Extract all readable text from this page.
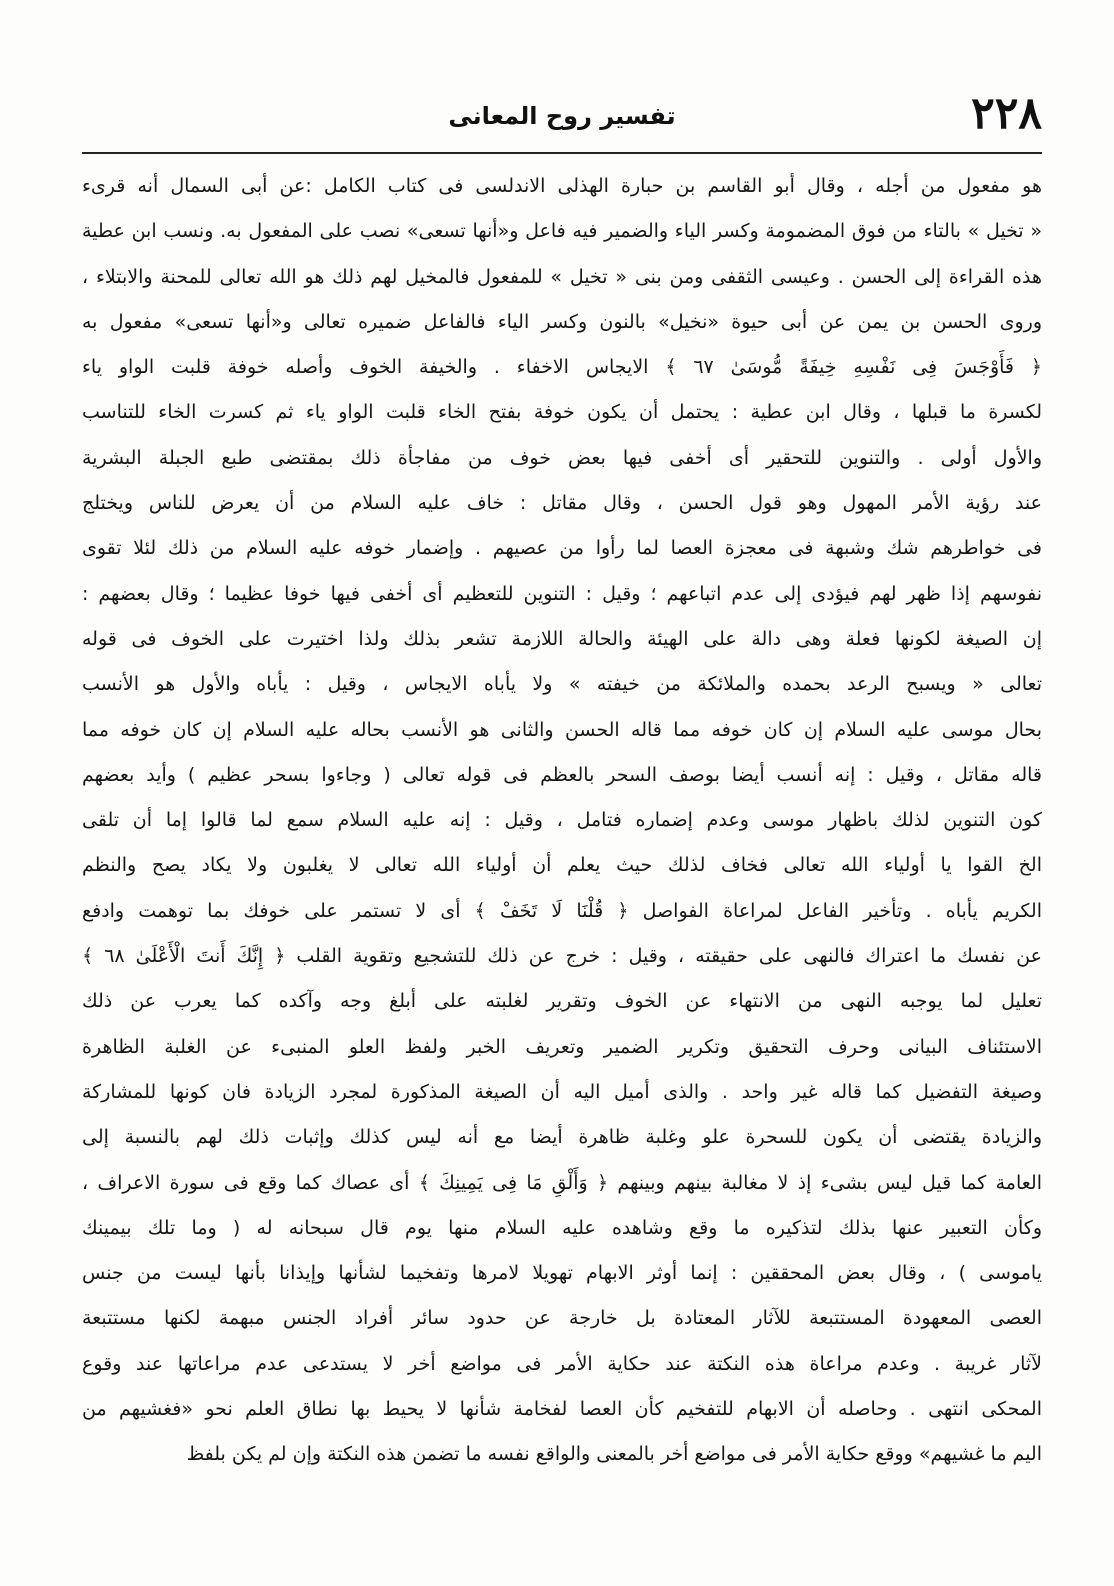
٢٢٨
تفسير روح المعانى
هو مفعول من أجله ، وقال أبو القاسم بن حبارة الهذلى الاندلسى فى كتاب الكامل :عن أبى السمال أنه قرىء
« تخيل » بالتاء من فوق المضمومة وكسر الياء والضمير فيه فاعل و«أنها تسعى» نصب على المفعول به. ونسب ابن عطية
هذه القراءة إلى الحسن . وعيسى الثقفى ومن بنى « تخيل » للمفعول فالمخيل لهم ذلك هو الله تعالى للمحنة والابتلاء ،
وروى الحسن بن يمن عن أبى حيوة «نخيل» بالنون وكسر الياء فالفاعل ضميره تعالى و«أنها تسعى» مفعول به
﴿ فَأَوْجَسَ فِى نَفْسِهِ خِيفَةً مُّوسَىٰ ٦٧ ﴾ الايجاس الاخفاء . والخيفة الخوف وأصله خوفة قلبت الواو ياء
لكسرة ما قبلها ، وقال ابن عطية : يحتمل أن يكون خوفة بفتح الخاء قلبت الواو ياء ثم كسرت الخاء للتناسب
والأول أولى . والتنوين للتحقير أى أخفى فيها بعض خوف من مفاجأة ذلك بمقتضى طبع الجبلة البشرية
عند رؤية الأمر المهول وهو قول الحسن ، وقال مقاتل : خاف عليه السلام من أن يعرض للناس ويختلج
فى خواطرهم شك وشبهة فى معجزة العصا لما رأوا من عصيهم . وإضمار خوفه عليه السلام من ذلك لئلا تقوى
نفوسهم إذا ظهر لهم فيؤدى إلى عدم اتباعهم ؛ وقيل : التنوين للتعظيم أى أخفى فيها خوفا عظيما ؛ وقال بعضهم :
إن الصيغة لكونها فعلة وهى دالة على الهيئة والحالة اللازمة تشعر بذلك ولذا اختيرت على الخوف فى قوله
تعالى « ويسبح الرعد بحمده والملائكة من خيفته » ولا يأباه الايجاس ، وقيل : يأباه والأول هو الأنسب
بحال موسى عليه السلام إن كان خوفه مما قاله الحسن والثانى هو الأنسب بحاله عليه السلام إن كان خوفه مما
قاله مقاتل ، وقيل : إنه أنسب أيضا بوصف السحر بالعظم فى قوله تعالى ( وجاءوا بسحر عظيم ) وأيد بعضهم
كون التنوين لذلك باظهار موسى وعدم إضماره فتامل ، وقيل : إنه عليه السلام سمع لما قالوا إما أن تلقى
الخ القوا يا أولياء الله تعالى فخاف لذلك حيث يعلم أن أولياء الله تعالى لا يغلبون ولا يكاد يصح والنظم
الكريم يأباه . وتأخير الفاعل لمراعاة الفواصل ﴿ قُلْنَا لَا تَخَفْ ﴾ أى لا تستمر على خوفك بما توهمت وادفع
عن نفسك ما اعتراك فالنهى على حقيقته ، وقيل : خرج عن ذلك للتشجيع وتقوية القلب ﴿ إِنَّكَ أَنتَ الْأَعْلَىٰ ٦٨ ﴾
تعليل لما يوجبه النهى من الانتهاء عن الخوف وتقرير لغلبته على أبلغ وجه وآكده كما يعرب عن ذلك
الاستئناف البيانى وحرف التحقيق وتكرير الضمير وتعريف الخبر ولفظ العلو المنبىء عن الغلبة الظاهرة
وصيغة التفضيل كما قاله غير واحد . والذى أميل اليه أن الصيغة المذكورة لمجرد الزيادة فان كونها للمشاركة
والزيادة يقتضى أن يكون للسحرة علو وغلبة ظاهرة أيضا مع أنه ليس كذلك وإثبات ذلك لهم بالنسبة إلى
العامة كما قيل ليس بشىء إذ لا مغالبة بينهم وبينهم ﴿ وَأَلْقِ مَا فِى يَمِينِكَ ﴾ أى عصاك كما وقع فى سورة الاعراف ،
وكأن التعبير عنها بذلك لتذكيره ما وقع وشاهده عليه السلام منها يوم قال سبحانه له ( وما تلك بيمينك
ياموسى ) ، وقال بعض المحققين : إنما أوثر الابهام تهويلا لامرها وتفخيما لشأنها وإيذانا بأنها ليست من جنس
العصى المعهودة المستتبعة للآثار المعتادة بل خارجة عن حدود سائر أفراد الجنس مبهمة لكنها مستتبعة
لآثار غريبة . وعدم مراعاة هذه النكتة عند حكاية الأمر فى مواضع أخر لا يستدعى عدم مراعاتها عند وقوع
المحكى انتهى . وحاصله أن الابهام للتفخيم كأن العصا لفخامة شأنها لا يحيط بها نطاق العلم نحو «فغشيهم من
اليم ما غشيهم» ووقع حكاية الأمر فى مواضع أخر بالمعنى والواقع نفسه ما تضمن هذه النكتة وإن لم يكن بلفظ
